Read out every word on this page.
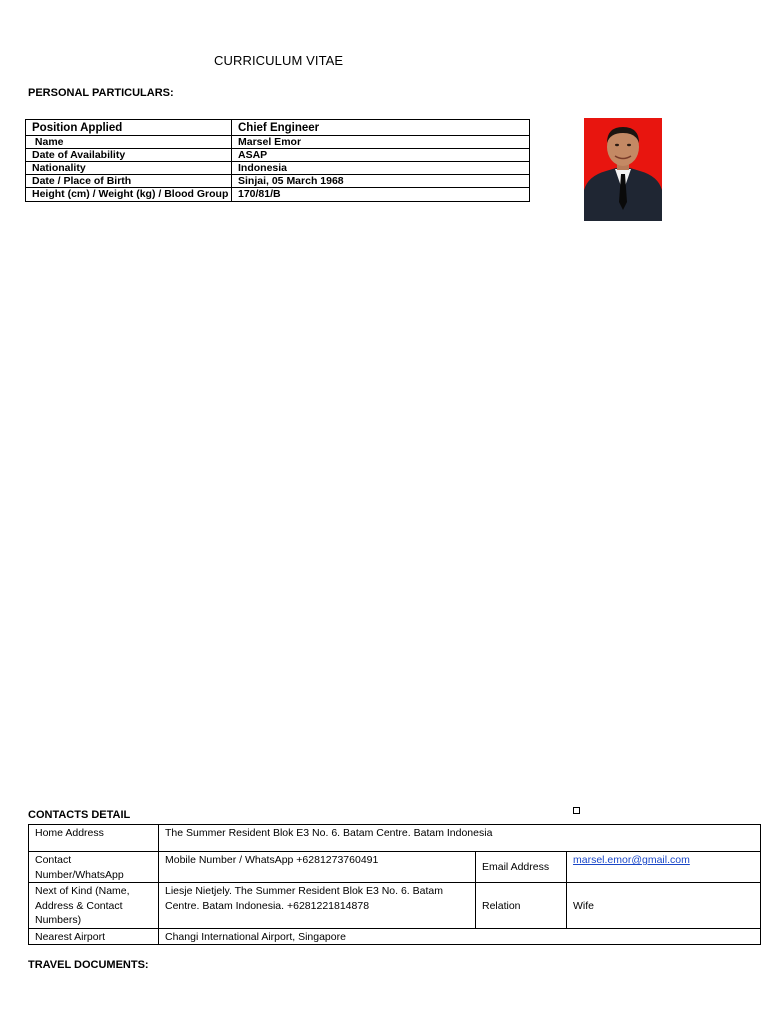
CURRICULUM VITAE
PERSONAL PARTICULARS:
Position Applied	Chief Engineer
Name	Marsel Emor
Date of Availability	ASAP
Nationality	Indonesia
Date / Place of Birth	Sinjai, 05 March 1968
Height (cm) / Weight (kg) / Blood Group	170/81/B
CONTACTS DETAIL
Home Address	The Summer Resident Blok E3 No. 6. Batam Centre. Batam Indonesia		
Contact Number/WhatsApp	Mobile Number / WhatsApp +6281273760491	Email Address	marsel.emor@gmail.com
Next of Kind (Name, Address & Contact Numbers)	Liesje Nietjely. The Summer Resident Blok E3 No. 6. Batam Centre. Batam Indonesia. +6281221814878	Relation	Wife
Nearest Airport	Changi International Airport, Singapore		
TRAVEL DOCUMENTS:
